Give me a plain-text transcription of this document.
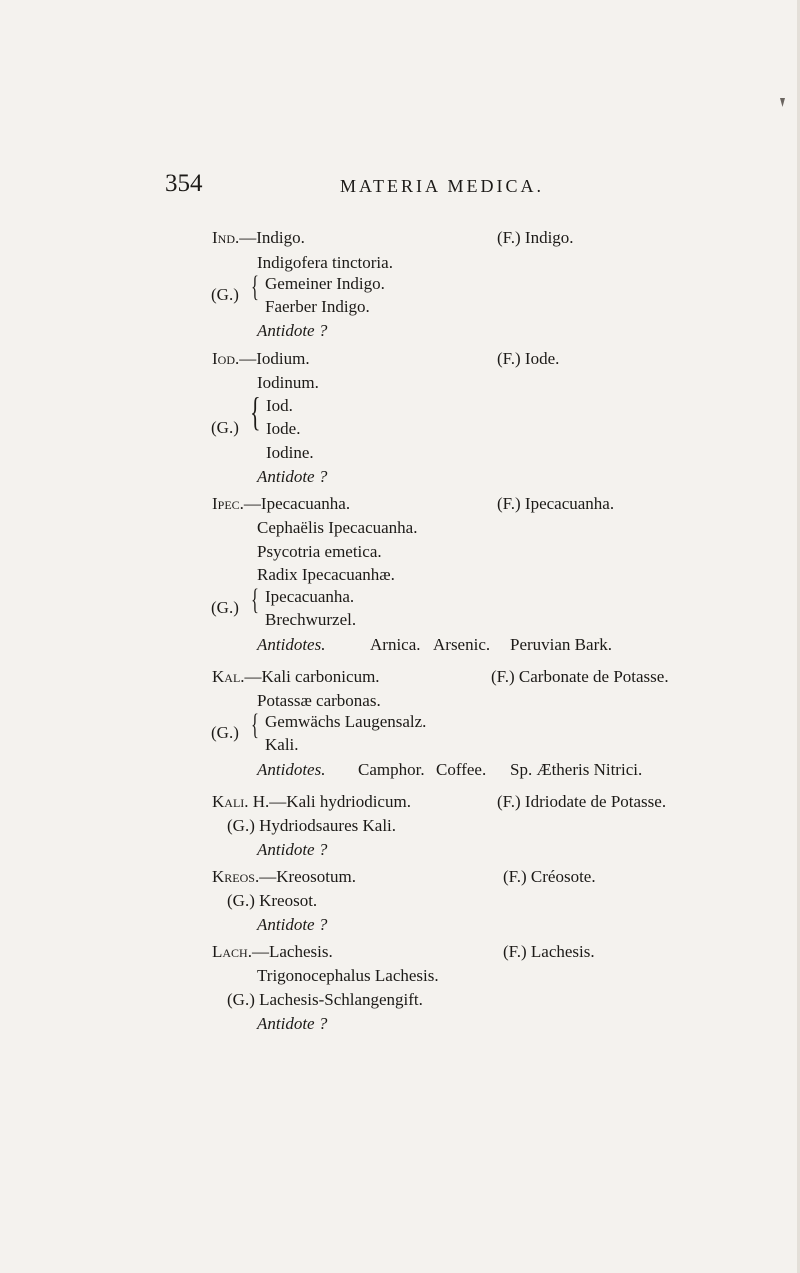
354	MATERIA MEDICA.
Ind.—Indigo.	(F.) Indigo.
Indigofera tinctoria.
(G.) { Gemeiner Indigo.
Faerber Indigo.
Antidote ?
Iod.—Iodium.	(F.) Iode.
Iodinum.
(G.) { Iod.
Iode.
Iodine.
Antidote ?
Ipec.—Ipecacuanha.	(F.) Ipecacuanha.
Cephaëlis Ipecacuanha.
Psycotria emetica.
Radix Ipecacuanhæ.
(G.) { Ipecacuanha.
Brechwurzel.
Antidotes.	Arnica. Arsenic. Peruvian Bark.
Kal.—Kali carbonicum.	(F.) Carbonate de Potasse.
Potassæ carbonas.
(G.) { Gemwächs Laugensalz.
Kali.
Antidotes. Camphor. Coffee. Sp. Ætheris Nitrici.
Kali. H.—Kali hydriodicum.	(F.) Idriodate de Potasse.
(G.) Hydriodsaures Kali.
Antidote ?
Kreos.—Kreosotum.	(F.) Créosote.
(G.) Kreosot.
Antidote ?
Lach.—Lachesis.	(F.) Lachesis.
Trigonocephalus Lachesis.
(G.) Lachesis-Schlangengift.
Antidote ?
